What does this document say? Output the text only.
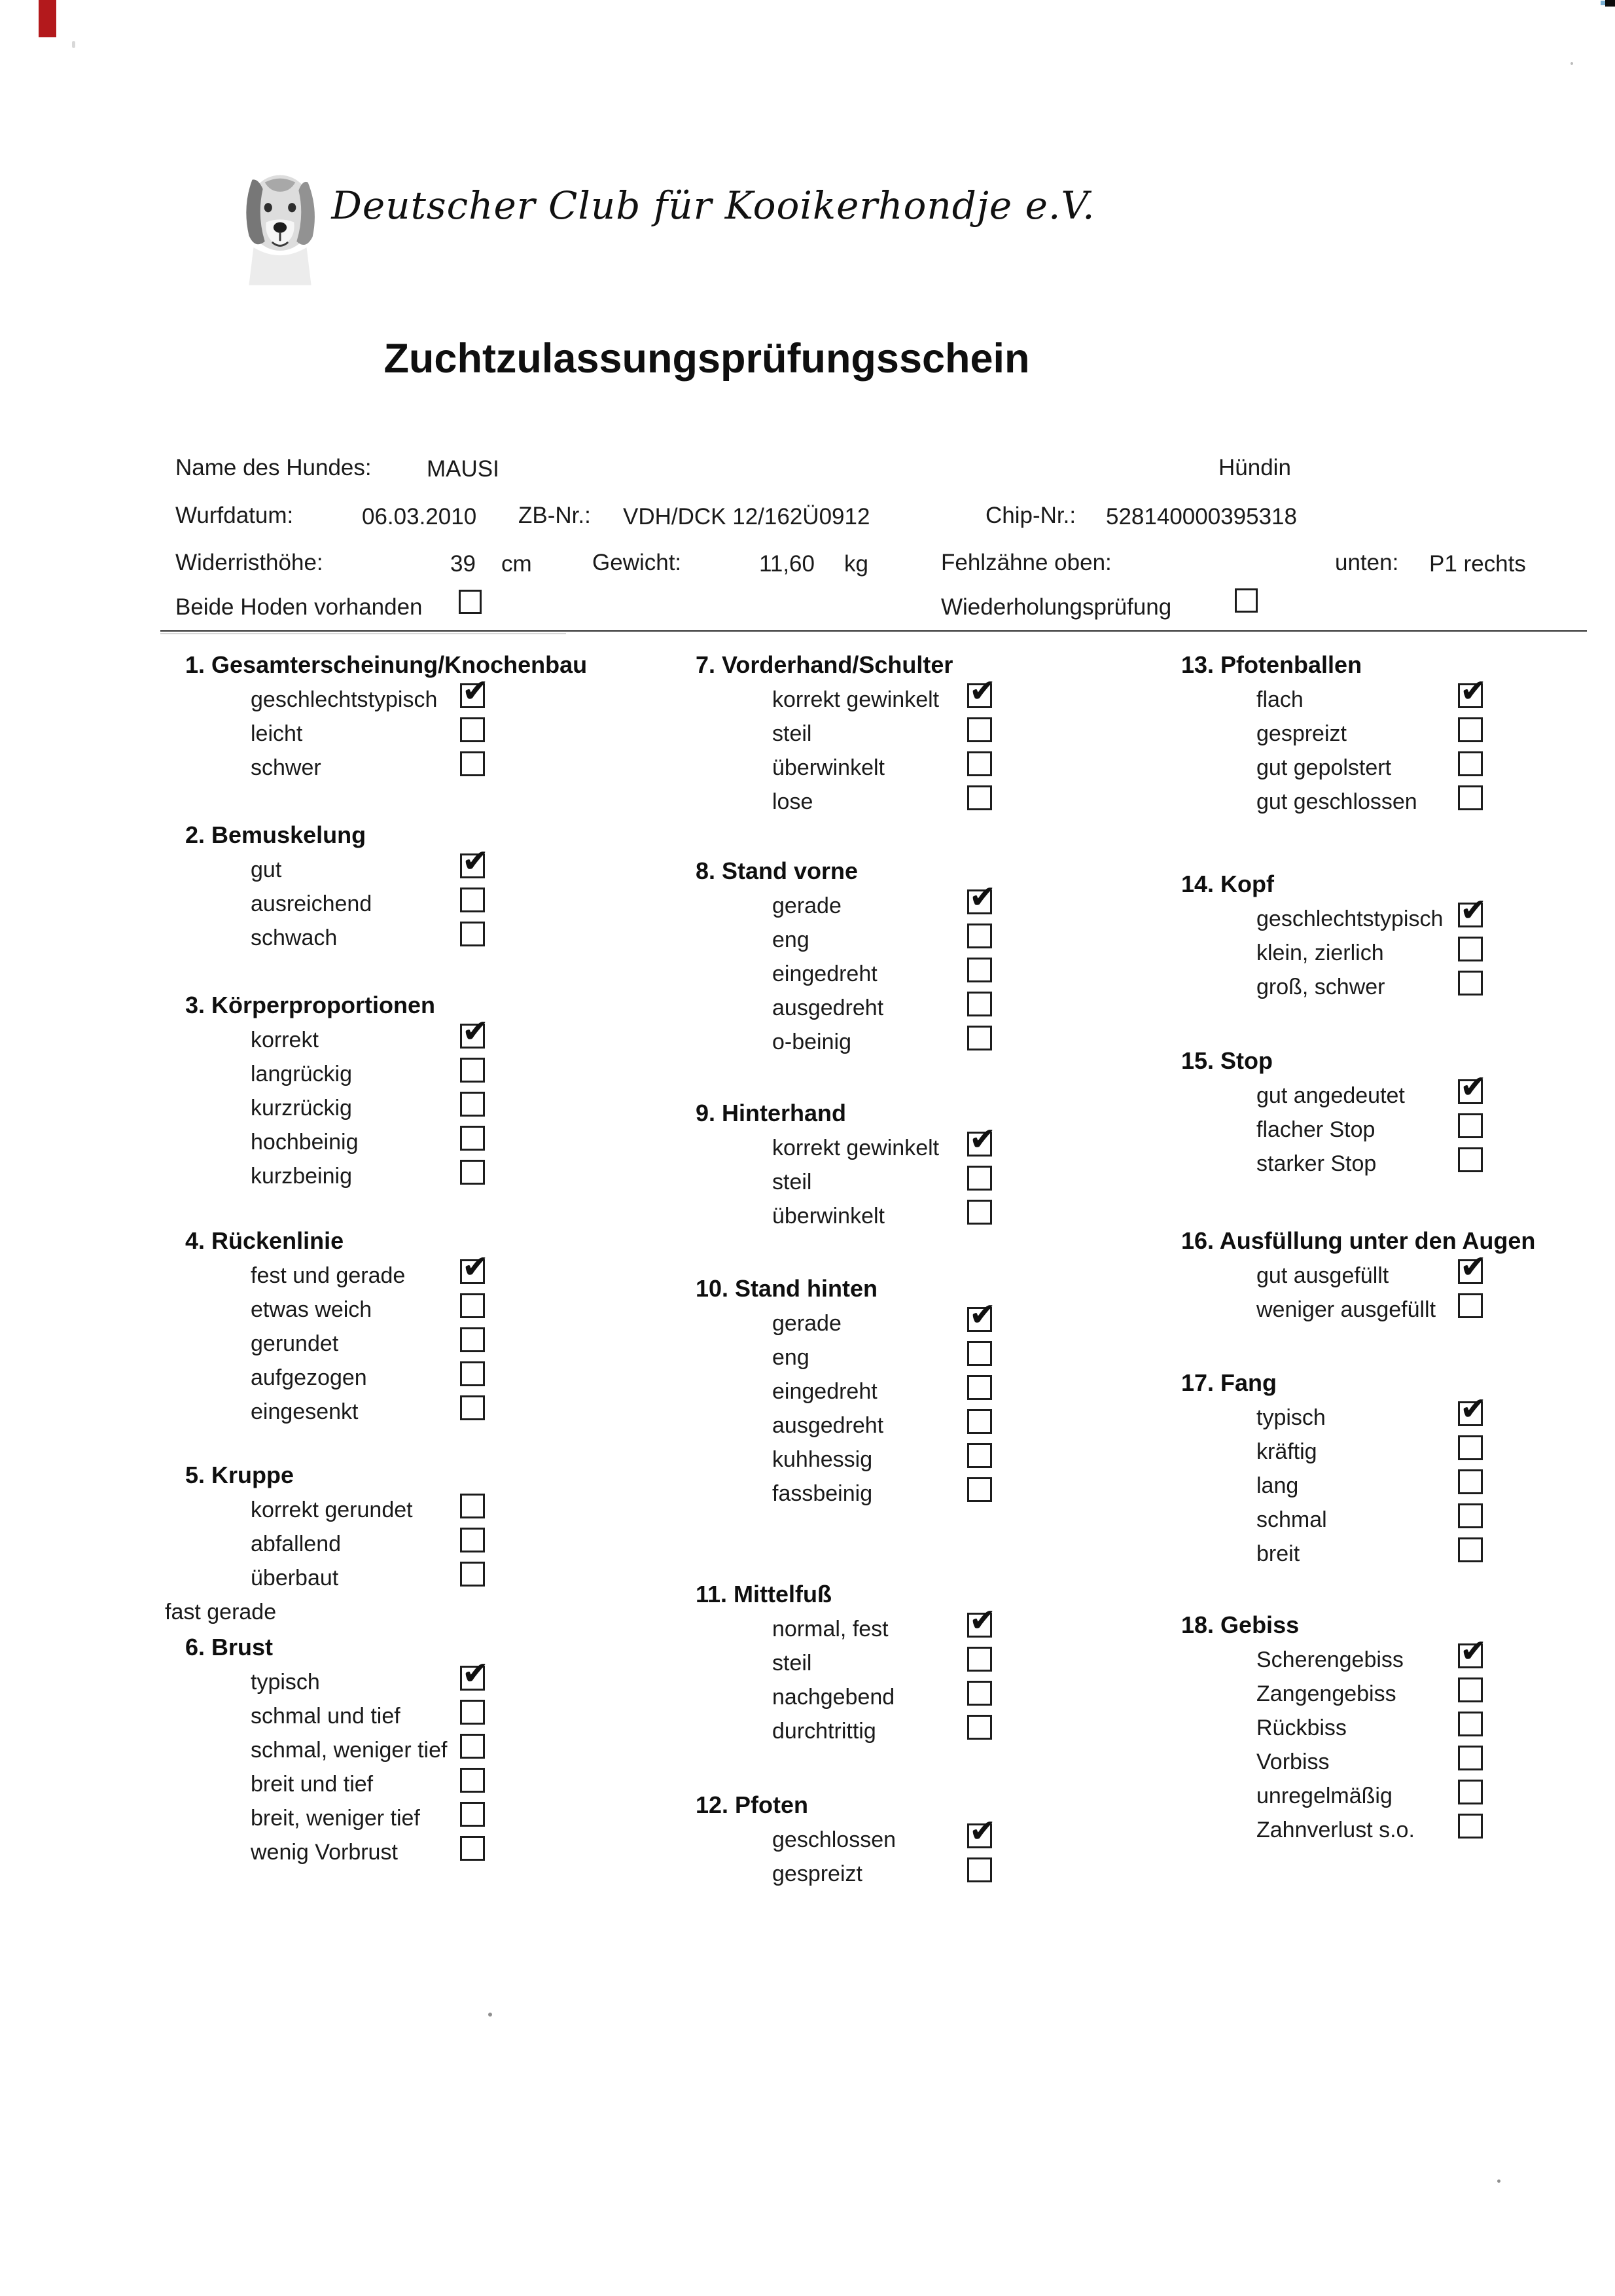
Deutscher Club für Kooikerhondje e.V.
Zuchtzulassungsprüfungsschein
Name des Hundes: MAUSI	Hündin
Wurfdatum:	06.03.2010 ZB-Nr.: VDH/DCK 12/162Ü0912	Chip-Nr.: 528140000395318
Widerristhöhe:	39 cm	Gewicht:	11,60 kg	Fehlzähne oben:	unten: P1 rechts
Beide Hoden vorhanden	Wiederholungsprüfung
1. Gesamterscheinung/Knochenbau
geschlechtstypisch ✔
leicht
schwer
2. Bemuskelung
gut	✔
ausreichend
schwach
3. Körperproportionen
korrekt	✔
langrückig
kurzrückig
hochbeinig
kurzbeinig
4. Rückenlinie
fest und gerade ✔
etwas weich
gerundet
aufgezogen
eingesenkt
5. Kruppe
korrekt gerundet
abfallend
überbaut
fast gerade
6. Brust
typisch	✔
schmal und tief
schmal, weniger tief
breit und tief
breit, weniger tief
wenig Vorbrust
7. Vorderhand/Schulter
korrekt gewinkelt ✔
steil
überwinkelt
lose
8. Stand vorne
gerade	✔
eng
eingedreht
ausgedreht
o-beinig
9. Hinterhand
korrekt gewinkelt ✔
steil
überwinkelt
10. Stand hinten
gerade	✔
eng
eingedreht
ausgedreht
kuhhessig
fassbeinig
11. Mittelfuß
normal, fest	✔
steil
nachgebend
durchtrittig
12. Pfoten
geschlossen ✔
gespreizt
13. Pfotenballen
flach	✔
gespreizt
gut gepolstert
gut geschlossen
14. Kopf
geschlechtstypisch ✔
klein, zierlich
groß, schwer
15. Stop
gut angedeutet ✔
flacher Stop
starker Stop
16. Ausfüllung unter den Augen
gut ausgefüllt ✔
weniger ausgefüllt
17. Fang
typisch	✔
kräftig
lang
schmal
breit
18. Gebiss
Scherengebiss ✔
Zangengebiss
Rückbiss
Vorbiss
unregelmäßig
Zahnverlust s.o.
